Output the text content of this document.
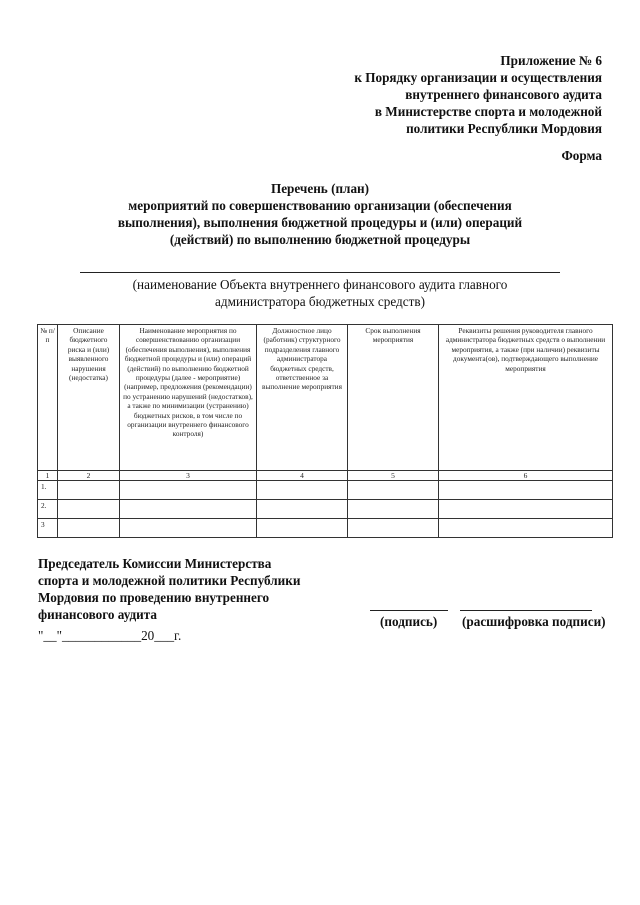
Приложение № 6
к Порядку организации и осуществления
внутреннего финансового аудита
в Министерстве спорта и молодежной
политики Республики Мордовия
Форма
Перечень (план)
мероприятий по совершенствованию организации (обеспечения
выполнения), выполнения бюджетной процедуры и (или) операций
(действий) по выполнению бюджетной процедуры
(наименование Объекта внутреннего финансового аудита главного
администратора бюджетных средств)
№ п/п	Описание бюджетного риска и (или) выявленного нарушения (недостатка)	Наименование мероприятия по совершенствованию организации (обеспечения выполнения), выполнения бюджетной процедуры и (или) операций (действий) по выполнению бюджетной процедуры (далее - мероприятие) (например, предложения (рекомендации) по устранению нарушений (недостатков), а также по минимизации (устранению) бюджетных рисков, в том числе по организации внутреннего финансового контроля)	Должностное лицо (работник) структурного подразделения главного администратора бюджетных средств, ответственное за выполнение мероприятия	Срок выполнения мероприятия	Реквизиты решения руководителя главного администратора бюджетных средств о выполнении мероприятия, а также (при наличии) реквизиты документа(ов), подтверждающего выполнение мероприятия
1	2	3	4	5	6
1.					
2.					
3					
Председатель Комиссии Министерства
спорта и молодежной политики Республики
Мордовия по проведению внутреннего
финансового аудита	(подпись) (расшифровка подписи)
"__"____________20___г.
